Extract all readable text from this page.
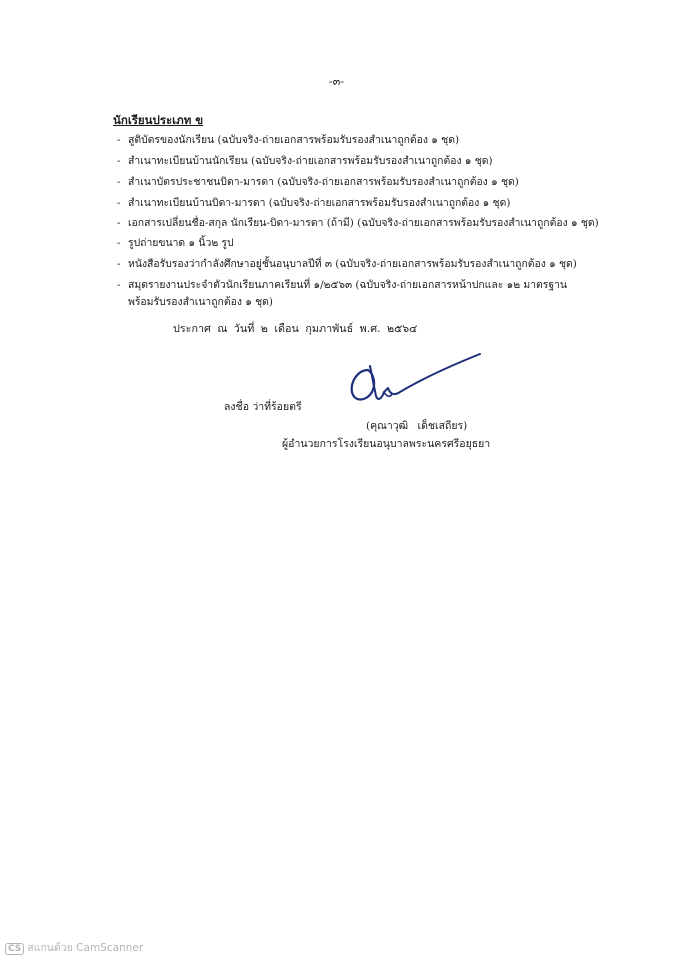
-๓-
นักเรียนประเภท ข
- สูติบัตรของนักเรียน (ฉบับจริง-ถ่ายเอกสารพร้อมรับรองสำเนาถูกต้อง ๑ ชุด)
- สำเนาทะเบียนบ้านนักเรียน (ฉบับจริง-ถ่ายเอกสารพร้อมรับรองสำเนาถูกต้อง ๑ ชุด)
- สำเนาบัตรประชาชนบิดา-มารดา (ฉบับจริง-ถ่ายเอกสารพร้อมรับรองสำเนาถูกต้อง ๑ ชุด)
- สำเนาทะเบียนบ้านบิดา-มารดา (ฉบับจริง-ถ่ายเอกสารพร้อมรับรองสำเนาถูกต้อง ๑ ชุด)
- เอกสารเปลี่ยนชื่อ-สกุล นักเรียน-บิดา-มารดา (ถ้ามี) (ฉบับจริง-ถ่ายเอกสารพร้อมรับรองสำเนาถูกต้อง ๑ ชุด)
- รูปถ่ายขนาด ๑ นิ้ว๒ รูป
- หนังสือรับรองว่ากำลังศึกษาอยู่ชั้นอนุบาลปีที่ ๓ (ฉบับจริง-ถ่ายเอกสารพร้อมรับรองสำเนาถูกต้อง ๑ ชุด)
- สมุดรายงานประจำตัวนักเรียนภาคเรียนที่ ๑/๒๕๖๓ (ฉบับจริง-ถ่ายเอกสารหน้าปกและ ๑๒ มาตรฐาน
พร้อมรับรองสำเนาถูกต้อง ๑ ชุด)
ประกาศ ณ วันที่ ๒ เดือน กุมภาพันธ์ พ.ศ. ๒๕๖๔
ลงชื่อ ว่าที่ร้อยตรี
(คุณาวุฒิ เด็ชเสถียร)
ผู้อำนวยการโรงเรียนอนุบาลพระนครศรีอยุธยา
CS สแกนด้วย CamScanner
